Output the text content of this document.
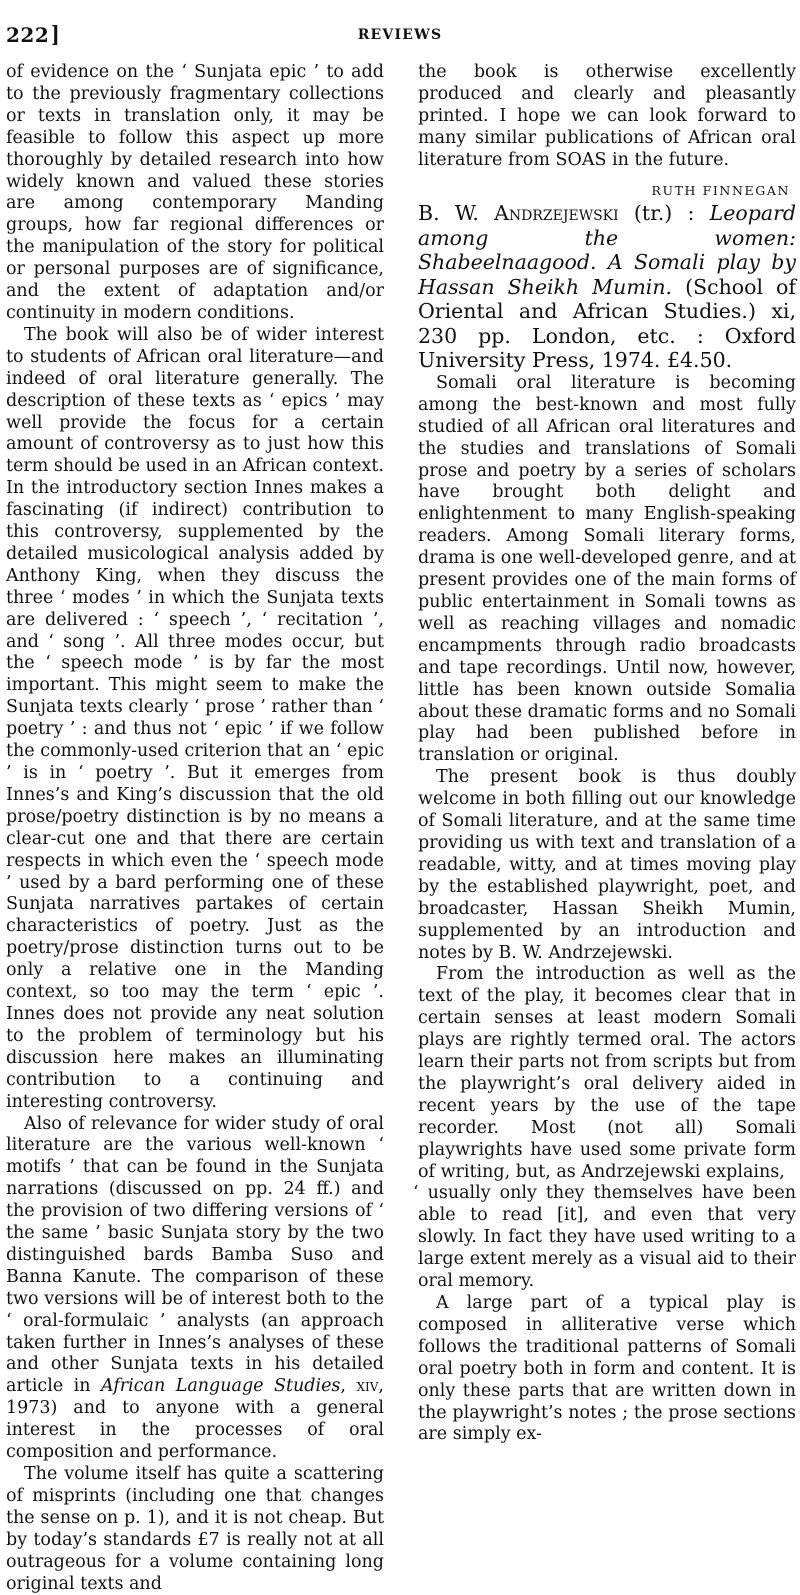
222]	REVIEWS

of evidence on the ‘ Sunjata epic ’ to add to the previously fragmentary collections or texts in translation only, it may be feasible to follow this aspect up more thoroughly by detailed research into how widely known and valued these stories are among contemporary Manding groups, how far regional differences or the manipulation of the story for political or personal purposes are of significance, and the extent of adaptation and/or continuity in modern conditions.

The book will also be of wider interest to students of African oral literature—and indeed of oral literature generally. The description of these texts as ‘ epics ’ may well provide the focus for a certain amount of controversy as to just how this term should be used in an African context. In the introductory section Innes makes a fascinating (if indirect) contribution to this controversy, supplemented by the detailed musicological analysis added by Anthony King, when they discuss the three ‘ modes ’ in which the Sunjata texts are delivered : ‘ speech ’, ‘ recitation ’, and ‘ song ’. All three modes occur, but the ‘ speech mode ’ is by far the most important. This might seem to make the Sunjata texts clearly ‘ prose ’ rather than ‘ poetry ’ : and thus not ‘ epic ’ if we follow the commonly-used criterion that an ‘ epic ’ is in ‘ poetry ’. But it emerges from Innes’s and King’s discussion that the old prose/poetry distinction is by no means a clear-cut one and that there are certain respects in which even the ‘ speech mode ’ used by a bard performing one of these Sunjata narratives partakes of certain characteristics of poetry. Just as the poetry/prose distinction turns out to be only a relative one in the Manding context, so too may the term ‘ epic ’. Innes does not provide any neat solution to the problem of terminology but his discussion here makes an illuminating contribution to a continuing and interesting controversy.

Also of relevance for wider study of oral literature are the various well-known ‘ motifs ’ that can be found in the Sunjata narrations (discussed on pp. 24 ff.) and the provision of two differing versions of ‘ the same ’ basic Sunjata story by the two distinguished bards Bamba Suso and Banna Kanute. The comparison of these two versions will be of interest both to the ‘ oral-formulaic ’ analysts (an approach taken further in Innes’s analyses of these and other Sunjata texts in his detailed article in African Language Studies, xiv, 1973) and to anyone with a general interest in the processes of oral composition and performance.

The volume itself has quite a scattering of misprints (including one that changes the sense on p. 1), and it is not cheap. But by today’s standards £7 is really not at all outrageous for a volume containing long original texts and

the book is otherwise excellently produced and clearly and pleasantly printed. I hope we can look forward to many similar publications of African oral literature from SOAS in the future.

RUTH FINNEGAN

B. W. Andrzejewski (tr.) : Leopard among the women: Shabeelnaagood. A Somali play by Hassan Sheikh Mumin. (School of Oriental and African Studies.) xi, 230 pp. London, etc. : Oxford University Press, 1974. £4.50.

Somali oral literature is becoming among the best-known and most fully studied of all African oral literatures and the studies and translations of Somali prose and poetry by a series of scholars have brought both delight and enlightenment to many English-speaking readers. Among Somali literary forms, drama is one well-developed genre, and at present provides one of the main forms of public entertainment in Somali towns as well as reaching villages and nomadic encampments through radio broadcasts and tape recordings. Until now, however, little has been known outside Somalia about these dramatic forms and no Somali play had been published before in translation or original.

The present book is thus doubly welcome in both filling out our knowledge of Somali literature, and at the same time providing us with text and translation of a readable, witty, and at times moving play by the established playwright, poet, and broadcaster, Hassan Sheikh Mumin, supplemented by an introduction and notes by B. W. Andrzejewski.

From the introduction as well as the text of the play, it becomes clear that in certain senses at least modern Somali plays are rightly termed oral. The actors learn their parts not from scripts but from the playwright’s oral delivery aided in recent years by the use of the tape recorder. Most (not all) Somali playwrights have used some private form of writing, but, as Andrzejewski explains,

‘ usually only they themselves have been able to read [it], and even that very slowly. In fact they have used writing to a large extent merely as a visual aid to their oral memory.

A large part of a typical play is composed in alliterative verse which follows the traditional patterns of Somali oral poetry both in form and content. It is only these parts that are written down in the playwright’s notes ; the prose sections are simply ex-
